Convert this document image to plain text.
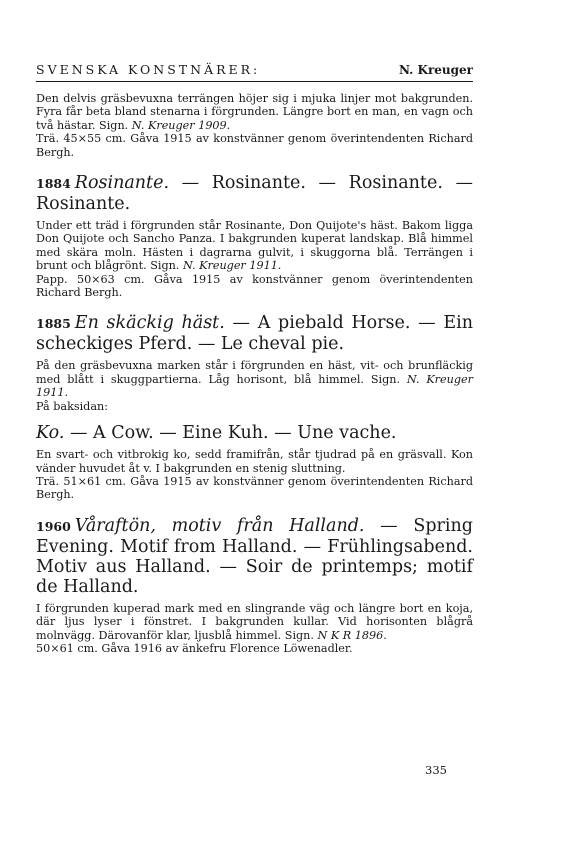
SVENSKA KONSTNÄRER:	N. Kreuger

Den delvis gräsbevuxna terrängen höjer sig i mjuka linjer mot bakgrunden. Fyra får beta bland stenarna i förgrunden. Längre bort en man, en vagn och två hästar. Sign. N. Kreuger 1909.

Trä. 45×55 cm. Gåva 1915 av konstvänner genom överintendenten Richard Bergh.

1884 Rosinante. — Rosinante. — Rosinante. — Rosinante.

Under ett träd i förgrunden står Rosinante, Don Quijote's häst. Bakom ligga Don Quijote och Sancho Panza. I bakgrunden kuperat landskap. Blå himmel med skära moln. Hästen i dagrarna gulvit, i skuggorna blå. Terrängen i brunt och blågrönt. Sign. N. Kreuger 1911.

Papp. 50×63 cm. Gåva 1915 av konstvänner genom överintendenten Richard Bergh.

1885 En skäckig häst. — A piebald Horse. — Ein scheckiges Pferd. — Le cheval pie.

På den gräsbevuxna marken står i förgrunden en häst, vit- och brunfläckig med blått i skuggpartierna. Låg horisont, blå himmel. Sign. N. Kreuger 1911.

På baksidan:

Ko. — A Cow. — Eine Kuh. — Une vache.

En svart- och vitbrokig ko, sedd framifrån, står tjudrad på en gräsvall. Kon vänder huvudet åt v. I bakgrunden en stenig sluttning.

Trä. 51×61 cm. Gåva 1915 av konstvänner genom överintendenten Richard Bergh.

1960 Våraftön, motiv från Halland. — Spring Evening. Motif from Halland. — Frühlingsabend. Motiv aus Halland. — Soir de printemps; motif de Halland.

I förgrunden kuperad mark med en slingrande väg och längre bort en koja, där ljus lyser i fönstret. I bakgrunden kullar. Vid horisonten blågrå molnvägg. Därovanför klar, ljusblå himmel. Sign. N K R 1896.

50×61 cm. Gåva 1916 av änkefru Florence Löwenadler.

335
